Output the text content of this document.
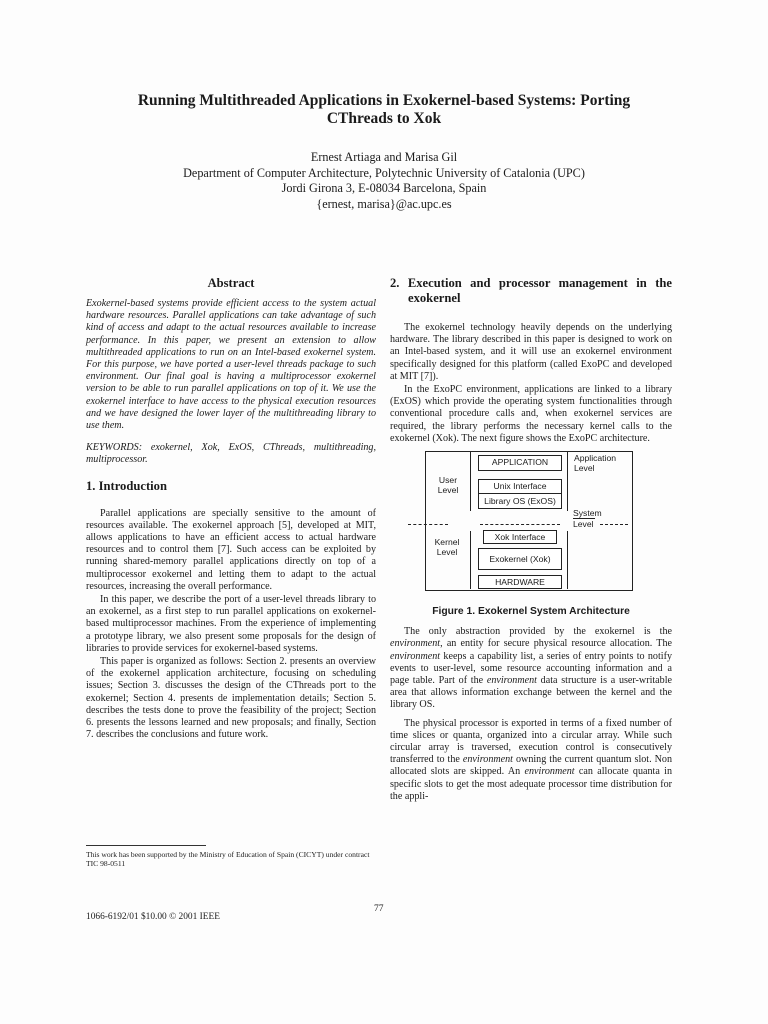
Running Multithreaded Applications in Exokernel-based Systems: Porting
CThreads to Xok
Ernest Artiaga and Marisa Gil
Department of Computer Architecture, Polytechnic University of Catalonia (UPC)
Jordi Girona 3, E-08034 Barcelona, Spain
{ernest, marisa}@ac.upc.es
Abstract
Exokernel-based systems provide efficient access to the system actual hardware resources. Parallel applications can take advantage of such kind of access and adapt to the actual resources available to increase performance. In this paper, we present an extension to allow multithreaded applications to run on an Intel-based exokernel system. For this purpose, we have ported a user-level threads package to such environment. Our final goal is having a multiprocessor exokernel version to be able to run parallel applications on top of it. We use the exokernel interface to have access to the physical execution resources and we have designed the lower layer of the multithreading library to use them.
KEYWORDS: exokernel, Xok, ExOS, CThreads, multithreading, multiprocessor.
1. Introduction
Parallel applications are specially sensitive to the amount of resources available. The exokernel approach [5], developed at MIT, allows applications to have an efficient access to actual hardware resources and to control them [7]. Such access can be exploited by running shared-memory parallel applications directly on top of a multiprocessor exokernel and letting them to adapt to the actual resources, increasing the overall performance.
In this paper, we describe the port of a user-level threads library to an exokernel, as a first step to run parallel applications on exokernel-based multiprocessor machines. From the experience of implementing a prototype library, we also present some proposals for the design of libraries to provide services for exokernel-based systems.
This paper is organized as follows: Section 2. presents an overview of the exokernel application architecture, focusing on scheduling issues; Section 3. discusses the design of the CThreads port to the exokernel; Section 4. presents de implementation details; Section 5. describes the tests done to prove the feasibility of the project; Section 6. presents the lessons learned and new proposals; and finally, Section 7. describes the conclusions and future work.
2. Execution and processor management in the exokernel
The exokernel technology heavily depends on the underlying hardware. The library described in this paper is designed to work on an Intel-based system, and it will use an exokernel environment specifically designed for this platform (called ExoPC and developed at MIT [7]).
In the ExoPC environment, applications are linked to a library (ExOS) which provide the operating system functionalities through conventional procedure calls and, when exokernel services are required, the library performs the necessary kernel calls to the exokernel (Xok). The next figure shows the ExoPC architecture.
User
Level
Kernel
Level
Application
Level
System
Level
APPLICATION
Unix Interface
Library OS (ExOS)
Xok Interface
Exokernel (Xok)
HARDWARE
Figure 1. Exokernel System Architecture
The only abstraction provided by the exokernel is the environment, an entity for secure physical resource allocation. The environment keeps a capability list, a series of entry points to notify events to user-level, some resource accounting information and a page table. Part of the environment data structure is a user-writable area that allows information exchange between the kernel and the library OS.
The physical processor is exported in terms of a fixed number of time slices or quanta, organized into a circular array. While such circular array is traversed, execution control is consecutively transferred to the environment owning the current quantum slot. Non allocated slots are skipped. An environment can allocate quanta in specific slots to get the most adequate processor time distribution for the appli-
This work has been supported by the Ministry of Education of Spain (CICYT) under contract TIC 98-0511
77
1066-6192/01 $10.00 © 2001 IEEE
